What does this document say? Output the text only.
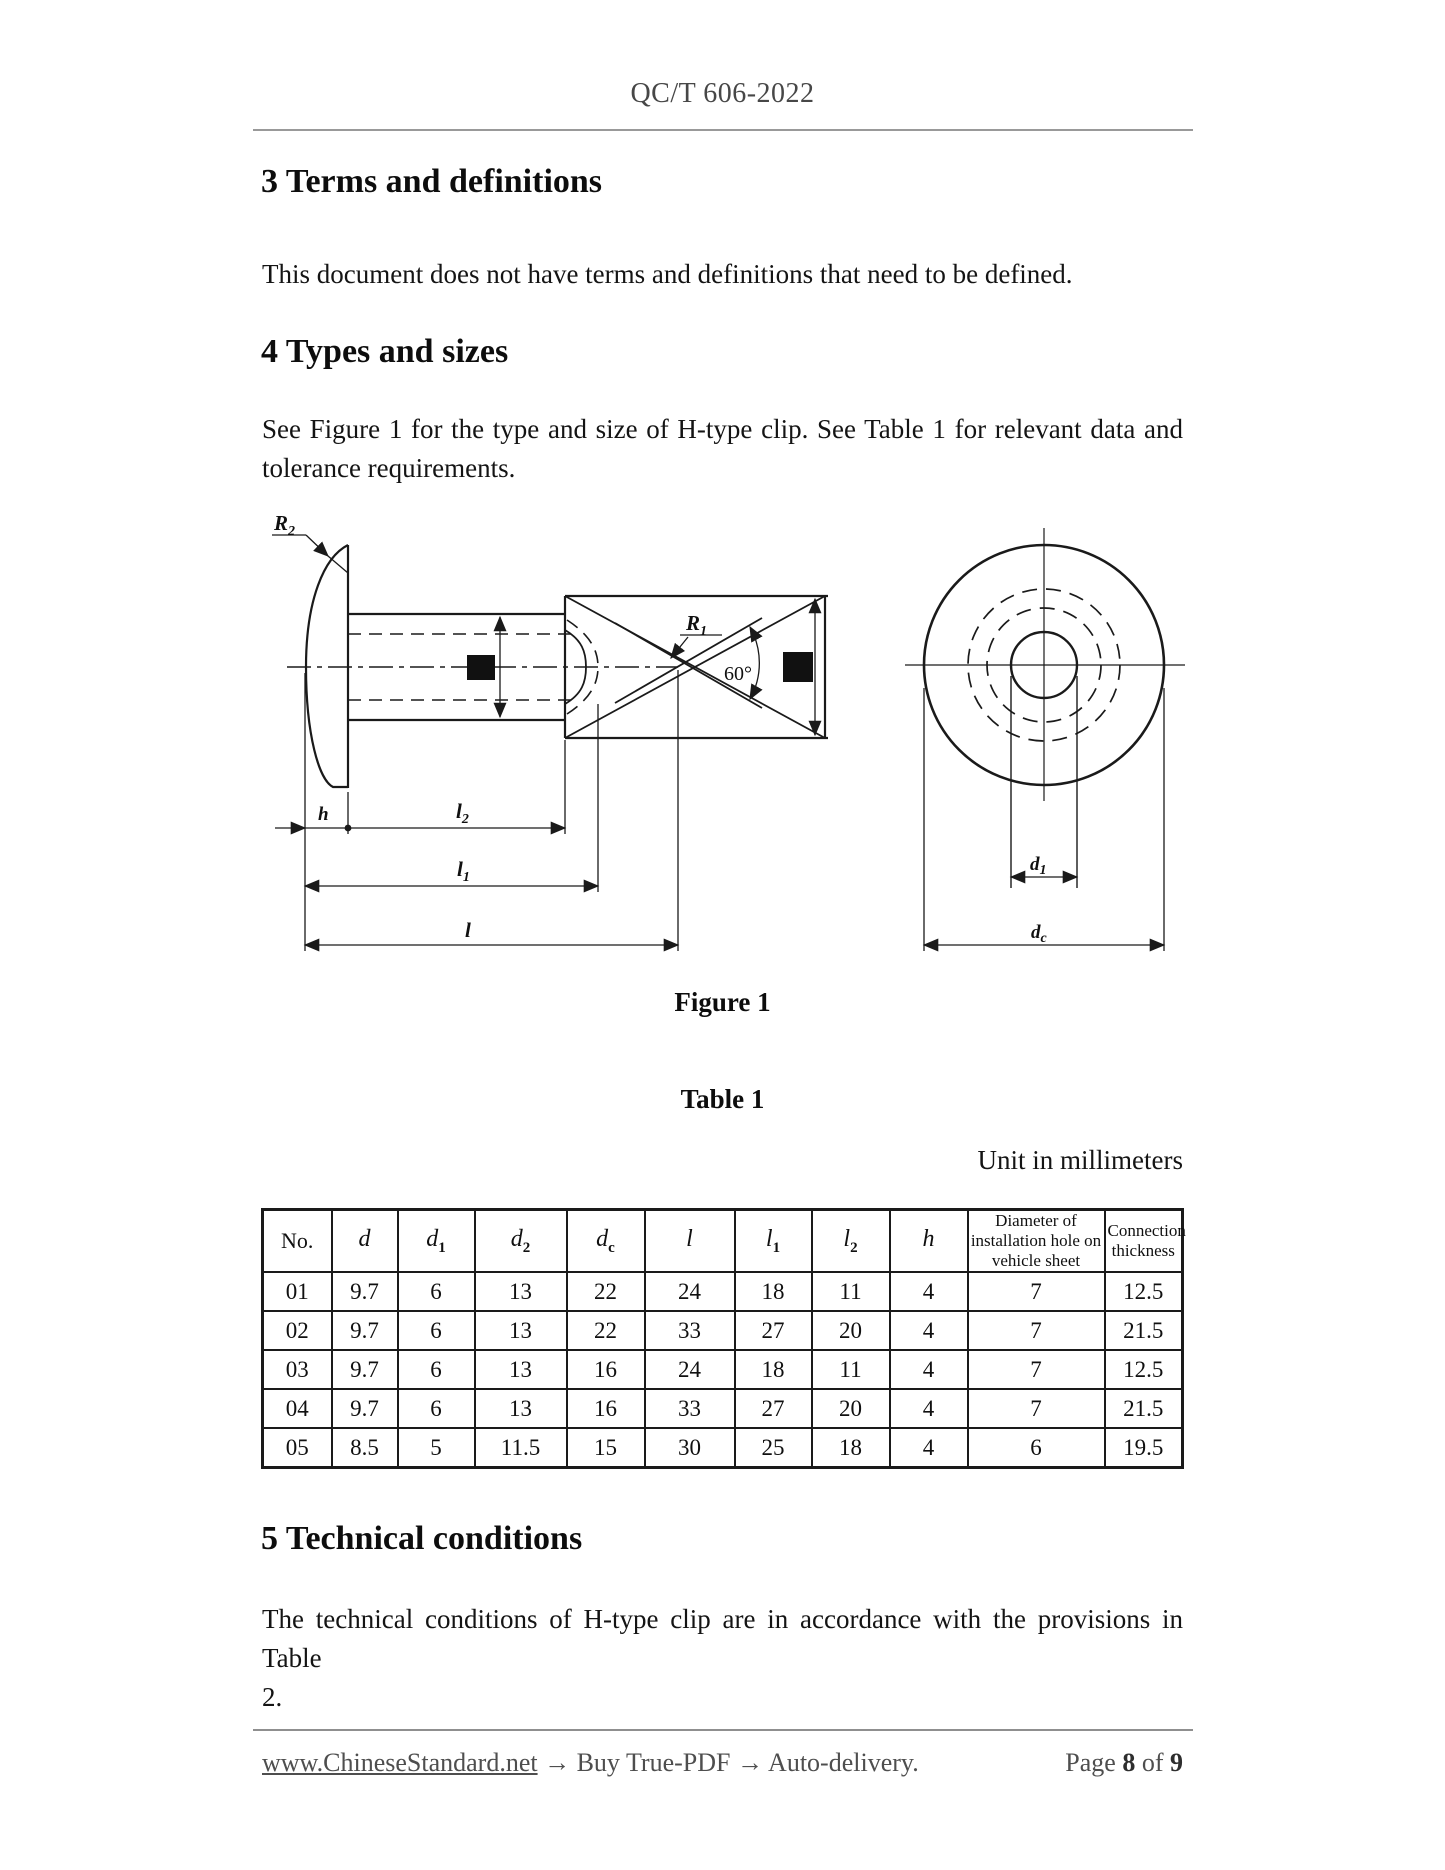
QC/T 606-2022
3 Terms and definitions
This document does not have terms and definitions that need to be defined.
4 Types and sizes
See Figure 1 for the type and size of H-type clip. See Table 1 for relevant data and
tolerance requirements.
$R_2$
$R_1$
60°
h	$l_2$
$l_1$
l
$d_1$
$d_c$
Figure 1
Table 1
Unit in millimeters
No.	d	$d_1$	$d_2$	$d_c$	l	$l_1$	$l_2$	h	Diameter of installation hole on vehicle sheet	Connection thickness
01	9.7	6	13	22	24	18	11	4	7	12.5
02	9.7	6	13	22	33	27	20	4	7	21.5
03	9.7	6	13	16	24	18	11	4	7	12.5
04	9.7	6	13	16	33	27	20	4	7	21.5
05	8.5	5	11.5	15	30	25	18	4	6	19.5
5 Technical conditions
The technical conditions of H-type clip are in accordance with the provisions in Table
2.
www.ChineseStandard.net → Buy True-PDF → Auto-delivery.	Page 8 of 9
